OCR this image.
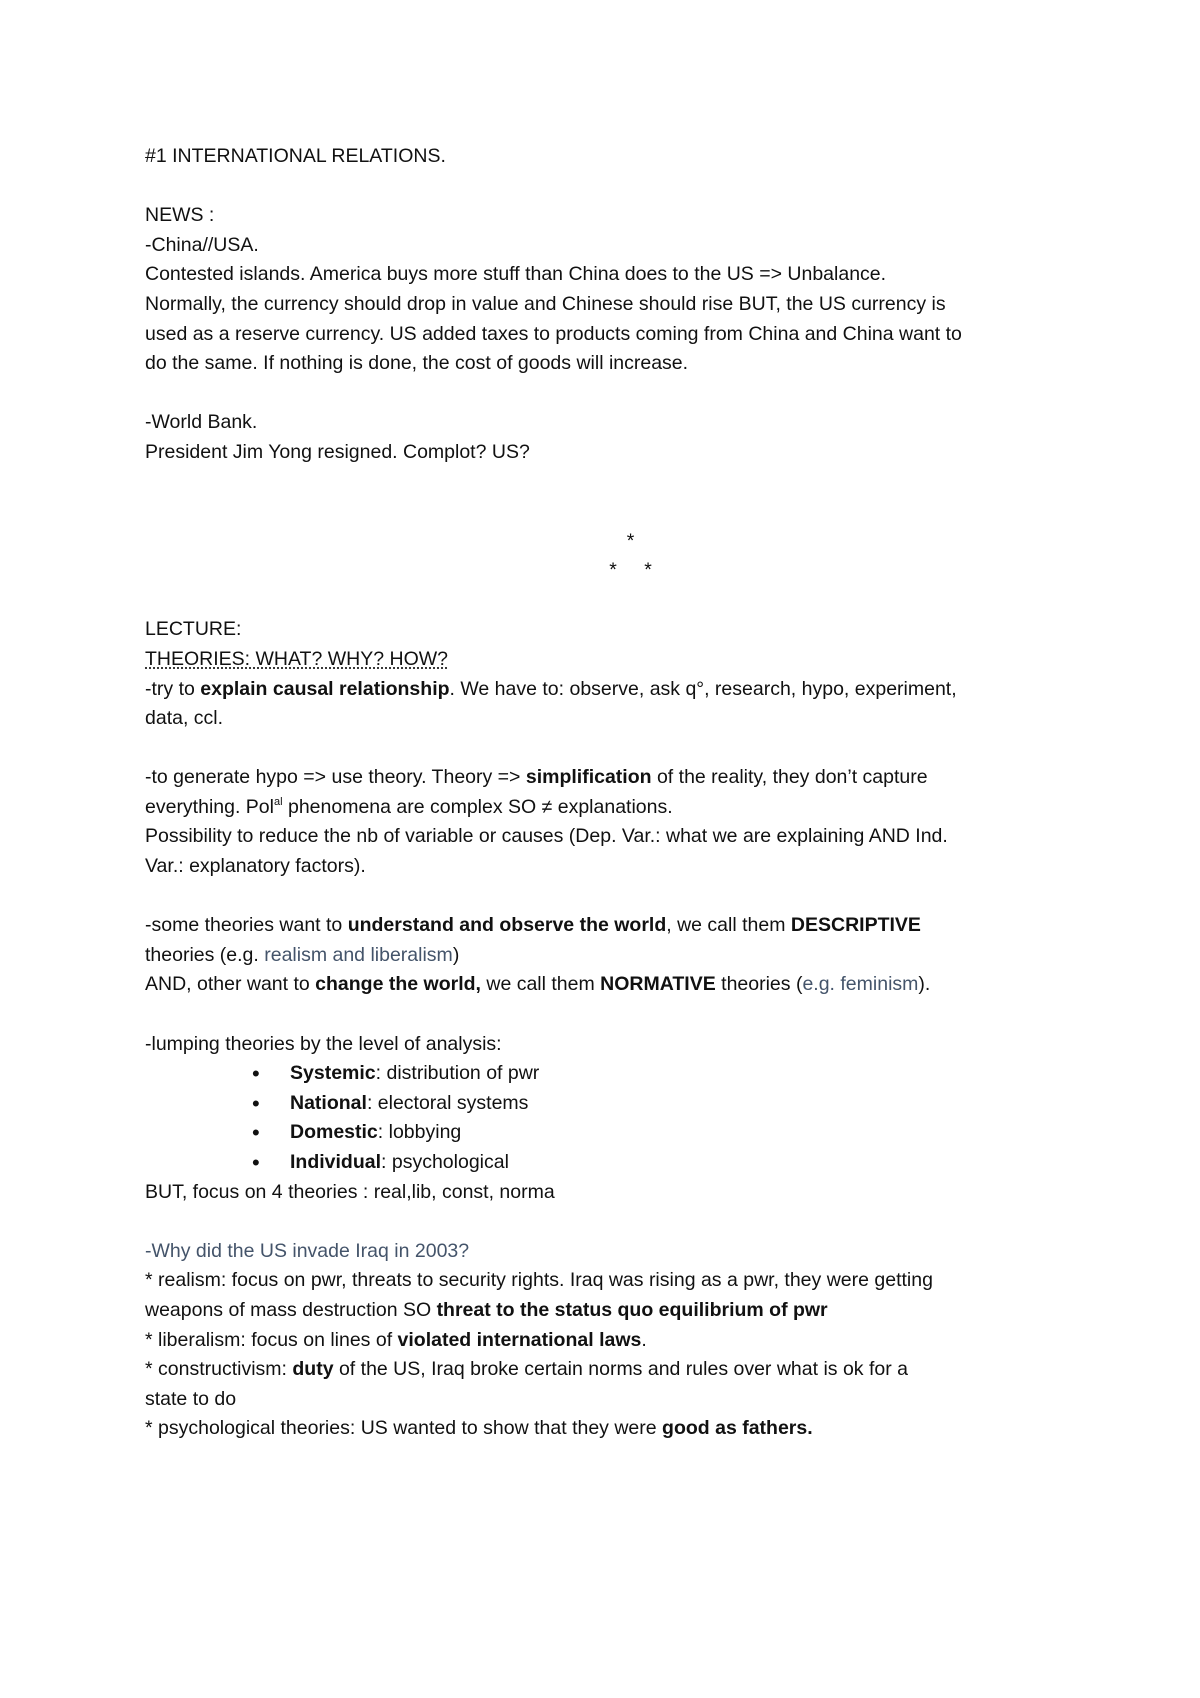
#1 INTERNATIONAL RELATIONS.
NEWS :
-China//USA.
Contested islands. America buys more stuff than China does to the US => Unbalance.
Normally, the currency should drop in value and Chinese should rise BUT, the US currency is
used as a reserve currency. US added taxes to products coming from China and China want to
do the same. If nothing is done, the cost of goods will increase.
-World Bank.
President Jim Yong resigned. Complot? US?
*
* *
LECTURE:
THEORIES: WHAT? WHY? HOW?
-try to explain causal relationship. We have to: observe, ask q°, research, hypo, experiment,
data, ccl.
-to generate hypo => use theory. Theory => simplification of the reality, they don’t capture
everything. Pol$^{al}$ phenomena are complex SO ≠ explanations.
Possibility to reduce the nb of variable or causes (Dep. Var.: what we are explaining AND Ind.
Var.: explanatory factors).
-some theories want to understand and observe the world, we call them DESCRIPTIVE
theories (e.g. realism and liberalism)
AND, other want to change the world, we call them NORMATIVE theories (e.g. feminism).
-lumping theories by the level of analysis:
• Systemic: distribution of pwr
• National: electoral systems
• Domestic: lobbying
• Individual: psychological
BUT, focus on 4 theories : real,lib, const, norma
-Why did the US invade Iraq in 2003?
* realism: focus on pwr, threats to security rights. Iraq was rising as a pwr, they were getting
weapons of mass destruction SO threat to the status quo equilibrium of pwr
* liberalism: focus on lines of violated international laws.
* constructivism: duty of the US, Iraq broke certain norms and rules over what is ok for a
state to do
* psychological theories: US wanted to show that they were good as fathers.
